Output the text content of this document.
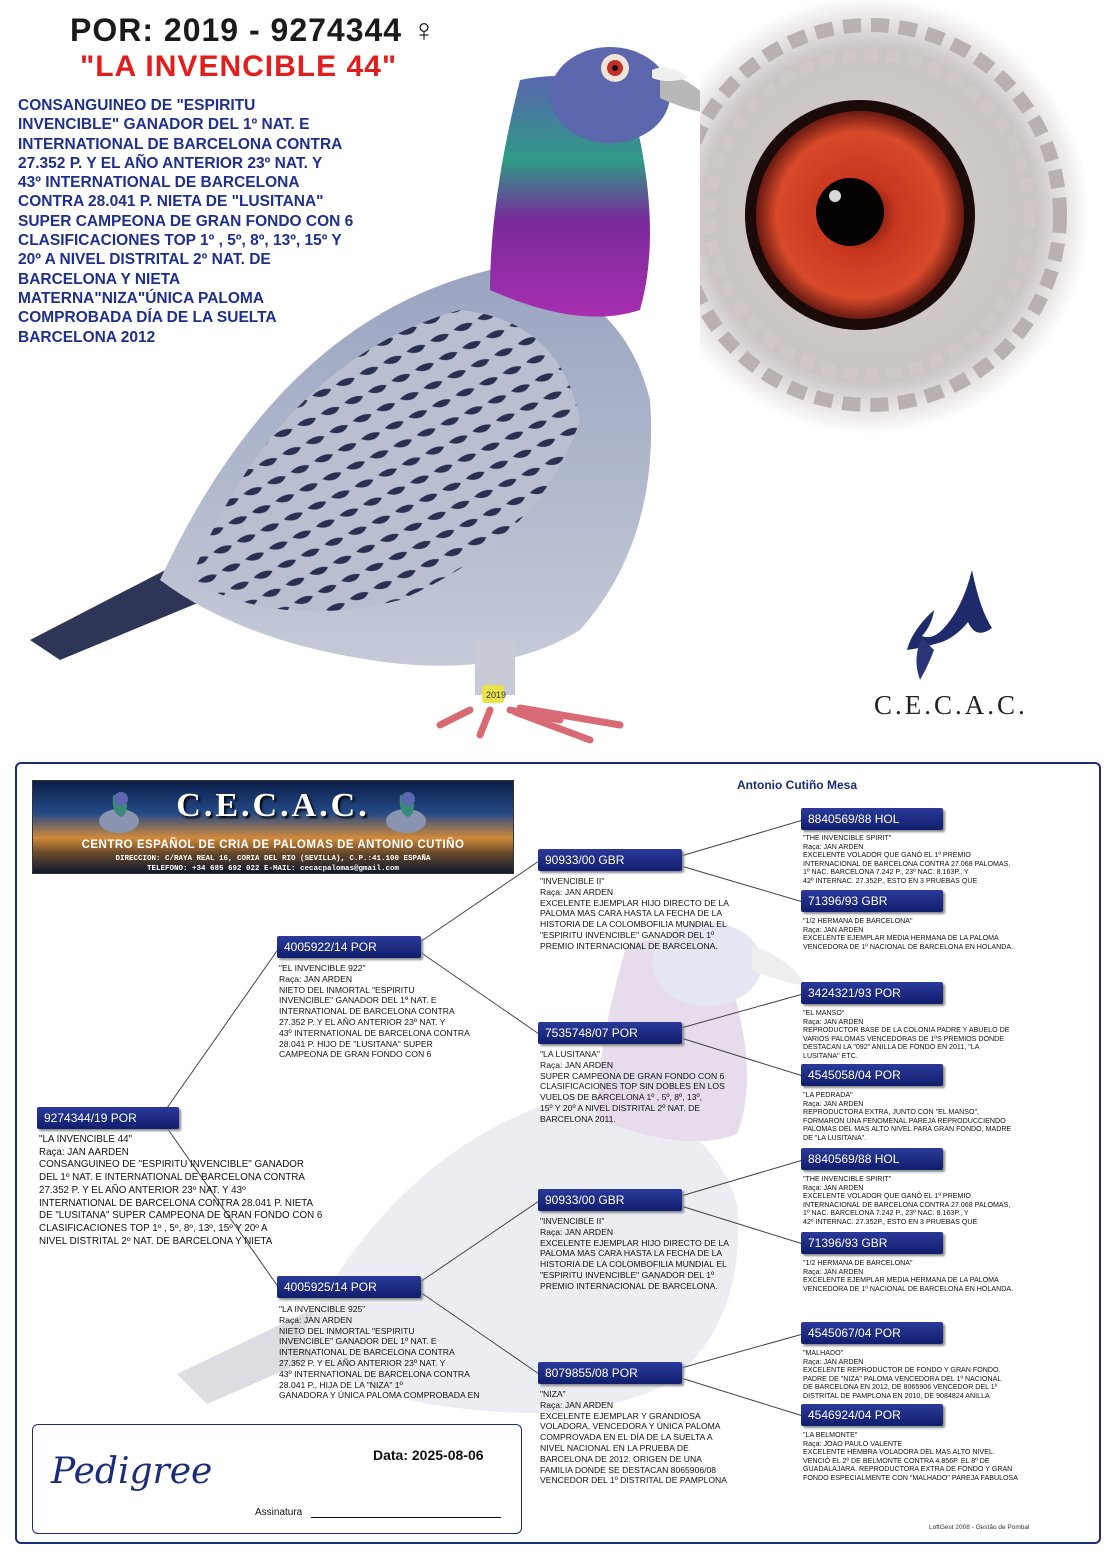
2019
POR: 2019 - 9274344 ♀
"LA INVENCIBLE 44"
CONSANGUINEO DE "ESPIRITU
INVENCIBLE" GANADOR DEL 1º NAT. E
INTERNATIONAL DE BARCELONA CONTRA
27.352 P. Y EL AÑO ANTERIOR 23º NAT. Y
43º INTERNATIONAL DE BARCELONA
CONTRA 28.041 P. NIETA DE "LUSITANA"
SUPER CAMPEONA DE GRAN FONDO CON 6
CLASIFICACIONES TOP 1º , 5º, 8º, 13º, 15º Y
20º A NIVEL DISTRITAL 2º NAT. DE
BARCELONA Y NIETA
MATERNA"NIZA"ÚNICA PALOMA
COMPROBADA DÍA DE LA SUELTA
BARCELONA 2012
C.E.C.A.C.
Antonio Cutiño Mesa
C.E.C.A.C.
CENTRO ESPAÑOL DE CRIA DE PALOMAS DE ANTONIO CUTIÑO
DIRECCION: C/RAYA REAL 16, CORIA DEL RIO (SEVILLA), C.P.:41.100 ESPAÑA
TELEFONO: +34 685 692 022 E-MAIL: cecacpalomas@gmail.com
9274344/19 POR
"LA INVENCIBLE 44"
Raça: JAN AARDEN
CONSANGUINEO DE "ESPIRITU INVENCIBLE" GANADOR
DEL 1º NAT. E INTERNATIONAL DE BARCELONA CONTRA
27.352 P. Y EL AÑO ANTERIOR 23º NAT. Y 43º
INTERNATIONAL DE BARCELONA CONTRA 28.041 P. NIETA
DE "LUSITANA" SUPER CAMPEONA DE GRAN FONDO CON 6
CLASIFICACIONES TOP 1º , 5º, 8º, 13º, 15º Y 20º A
NIVEL DISTRITAL 2º NAT. DE BARCELONA Y NIETA
4005922/14 POR
"EL INVENCIBLE 922"
Raça: JAN ARDEN
NIETO DEL INMORTAL "ESPIRITU
INVENCIBLE" GANADOR DEL 1º NAT. E
INTERNATIONAL DE BARCELONA CONTRA
27.352 P. Y EL AÑO ANTERIOR 23º NAT. Y
43º INTERNATIONAL DE BARCELONA CONTRA
28.041 P. HIJO DE "LUSITANA" SUPER
CAMPEONA DE GRAN FONDO CON 6
4005925/14 POR
"LA INVENCIBLE 925"
Raça: JAN ARDEN
NIETO DEL INMORTAL "ESPIRITU
INVENCIBLE" GANADOR DEL 1º NAT. E
INTERNATIONAL DE BARCELONA CONTRA
27.352 P. Y EL AÑO ANTERIOR 23º NAT. Y
43º INTERNATIONAL DE BARCELONA CONTRA
28.041 P., HIJA DE LA "NIZA" 1º
GANADORA Y ÚNICA PALOMA COMPROBADA EN
90933/00 GBR
"INVENCIBLE II"
Raça: JAN ARDEN
EXCELENTE EJEMPLAR HIJO DIRECTO DE LA
PALOMA MAS CARA HASTA LA FECHA DE LA
HISTORIA DE LA COLOMBOFILIA MUNDIAL EL
"ESPIRITU INVENCIBLE" GANADOR DEL 1º
PREMIO INTERNACIONAL DE BARCELONA.
7535748/07 POR
"LA LUSITANA"
Raça: JAN ARDEN
SUPER CAMPEONA DE GRAN FONDO CON 6
CLASIFICACIONES TOP SIN DOBLES EN LOS
VUELOS DE BARCELONA 1º , 5º, 8º, 13º,
15º Y 20º A NIVEL DISTRITAL 2º NAT. DE
BARCELONA 2011.
90933/00 GBR
"INVENCIBLE II"
Raça: JAN ARDEN
EXCELENTE EJEMPLAR HIJO DIRECTO DE LA
PALOMA MAS CARA HASTA LA FECHA DE LA
HISTORIA DE LA COLOMBOFILIA MUNDIAL EL
"ESPIRITU INVENCIBLE" GANADOR DEL 1º
PREMIO INTERNACIONAL DE BARCELONA.
8079855/08 POR
"NIZA"
Raça: JAN ARDEN
EXCELENTE EJEMPLAR Y GRANDIOSA
VOLADORA, VENCEDORA Y ÚNICA PALOMA
COMPROVADA EN EL DÍA DE LA SUELTA A
NIVEL NACIONAL EN LA PRUEBA DE
BARCELONA DE 2012. ORIGEN DE UNA
FAMILIA DONDE SE DESTACAN 8065906/08
VENCEDOR DEL 1º DISTRITAL DE PAMPLONA
8840569/88 HOL
"THE INVENCIBLE SPIRIT"
Raça: JAN ARDEN
EXCELENTE VOLADOR QUE GANÓ EL 1º PREMIO
INTERNACIONAL DE BARCELONA CONTRA 27.068 PALOMAS,
1º NAC. BARCELONA 7.242 P., 23º NAC. 8.163P., Y
42º INTERNAC. 27.352P., ESTO EN 3 PRUEBAS QUE
71396/93 GBR
"1/2 HERMANA DE BARCELONA"
Raça: JAN ARDEN
EXCELENTE EJEMPLAR MEDIA HERMANA DE LA PALOMA
VENCEDORA DE 1º NACIONAL DE BARCELONA EN HOLANDA.
3424321/93 POR
"EL MANSO"
Raça: JAN ARDEN
REPRODUCTOR BASE DE LA COLONIA PADRE Y ABUELO DE
VARIOS PALOMAS VENCEDORAS DE 1ºS PREMIOS DONDE
DESTACAN LA "092" ANILLA DE FONDO EN 2011, "LA
LUSITANA" ETC.
4545058/04 POR
"LA PEDRADA"
Raça: JAN ARDEN
REPRODUCTORA EXTRA, JUNTO CON "EL MANSO",
FORMARON UNA FENOMENAL PAREJA REPRODUCCIENDO
PALOMAS DEL MAS ALTO NIVEL PARA GRAN FONDO, MADRE
DE "LA LUSITANA".
8840569/88 HOL
"THE INVENCIBLE SPIRIT"
Raça: JAN ARDEN
EXCELENTE VOLADOR QUE GANÓ EL 1º PREMIO
INTERNACIONAL DE BARCELONA CONTRA 27.068 PALOMAS,
1º NAC. BARCELONA 7.242 P., 23º NAC. 8.163P., Y
42º INTERNAC. 27.352P., ESTO EN 3 PRUEBAS QUE
71396/93 GBR
"1/2 HERMANA DE BARCELONA"
Raça: JAN ARDEN
EXCELENTE EJEMPLAR MEDIA HERMANA DE LA PALOMA
VENCEDORA DE 1º NACIONAL DE BARCELONA EN HOLANDA.
4545067/04 POR
"MALHADO"
Raça: JAN ARDEN
EXCELENTE REPRODUCTOR DE FONDO Y GRAN FONDO.
PADRE DE "NIZA" PALOMA VENCEDORA DEL 1º NACIONAL
DE BARCELONA EN 2012, DE 8065906 VENCEDOR DEL 1º
DISTRITAL DE PAMPLONA EN 2010, DE 9084824 ANILLA
4546924/04 POR
"LA BELMONTE"
Raça: JOAO PAULO VALENTE
EXCELENTE HEMBRA VOLADORA DEL MAS ALTO NIVEL.
VENCIÓ EL 2º DE BELMONTE CONTRA 4.856P. EL 8º DE
GUADALAJARA. REPRODUCTORA EXTRA DE FONDO Y GRAN
FONDO ESPECIALMENTE CON "MALHADO" PAREJA FABULOSA
Pedigree	Data: 2025-08-06
Assinatura
LoftGest 2008 - Gestão de Pombal
